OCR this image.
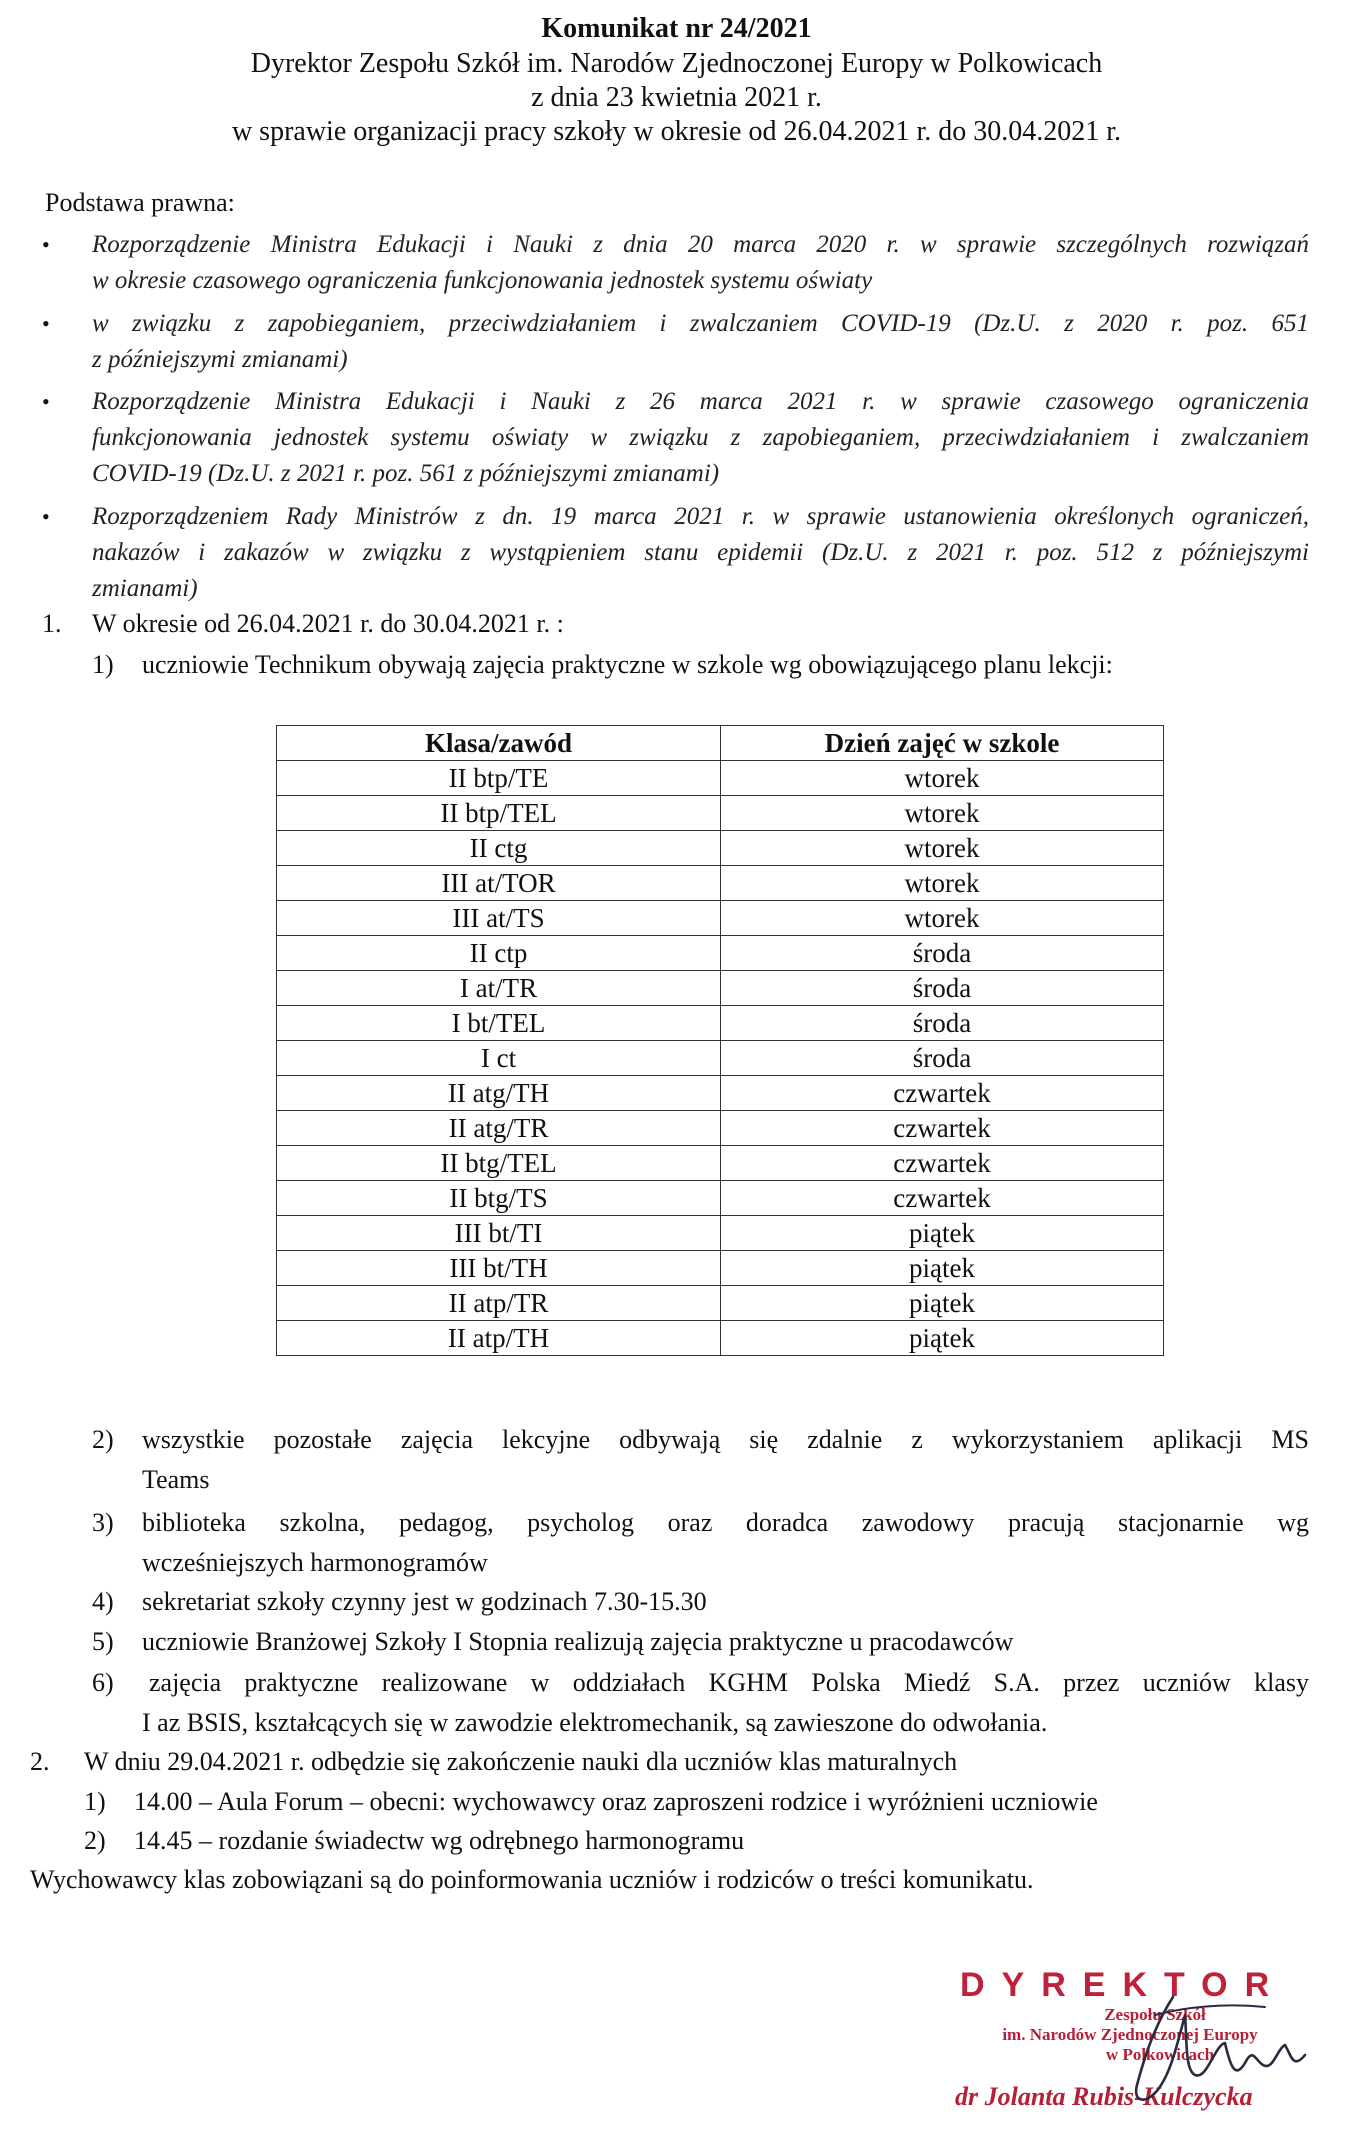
Komunikat nr 24/2021
Dyrektor Zespołu Szkół im. Narodów Zjednoczonej Europy w Polkowicach
z dnia 23 kwietnia 2021 r.
w sprawie organizacji pracy szkoły w okresie od 26.04.2021 r. do 30.04.2021 r.
Podstawa prawna:
• Rozporządzenie Ministra Edukacji i Nauki z dnia 20 marca 2020 r. w sprawie szczególnych rozwiązań
w okresie czasowego ograniczenia funkcjonowania jednostek systemu oświaty
• w związku z zapobieganiem, przeciwdziałaniem i zwalczaniem COVID-19 (Dz.U. z 2020 r. poz. 651
z późniejszymi zmianami)
• Rozporządzenie Ministra Edukacji i Nauki z 26 marca 2021 r. w sprawie czasowego ograniczenia
funkcjonowania jednostek systemu oświaty w związku z zapobieganiem, przeciwdziałaniem i zwalczaniem
COVID-19 (Dz.U. z 2021 r. poz. 561 z późniejszymi zmianami)
• Rozporządzeniem Rady Ministrów z dn. 19 marca 2021 r. w sprawie ustanowienia określonych ograniczeń,
nakazów i zakazów w związku z wystąpieniem stanu epidemii (Dz.U. z 2021 r. poz. 512 z późniejszymi
zmianami)
1. W okresie od 26.04.2021 r. do 30.04.2021 r. :
1) uczniowie Technikum obywają zajęcia praktyczne w szkole wg obowiązującego planu lekcji:
Klasa/zawód	Dzień zajęć w szkole
II btp/TE	wtorek
II btp/TEL	wtorek
II ctg	wtorek
III at/TOR	wtorek
III at/TS	wtorek
II ctp	środa
I at/TR	środa
I bt/TEL	środa
I ct	środa
II atg/TH	czwartek
II atg/TR	czwartek
II btg/TEL	czwartek
II btg/TS	czwartek
III bt/TI	piątek
III bt/TH	piątek
II atp/TR	piątek
II atp/TH	piątek
2) wszystkie pozostałe zajęcia lekcyjne odbywają się zdalnie z wykorzystaniem aplikacji MS
Teams
3) biblioteka szkolna, pedagog, psycholog oraz doradca zawodowy pracują stacjonarnie wg
wcześniejszych harmonogramów
4) sekretariat szkoły czynny jest w godzinach 7.30-15.30
5) uczniowie Branżowej Szkoły I Stopnia realizują zajęcia praktyczne u pracodawców
6) zajęcia praktyczne realizowane w oddziałach KGHM Polska Miedź S.A. przez uczniów klasy
I az BSIS, kształcących się w zawodzie elektromechanik, są zawieszone do odwołania.
2. W dniu 29.04.2021 r. odbędzie się zakończenie nauki dla uczniów klas maturalnych
1) 14.00 – Aula Forum – obecni: wychowawcy oraz zaproszeni rodzice i wyróżnieni uczniowie
2) 14.45 – rozdanie świadectw wg odrębnego harmonogramu
Wychowawcy klas zobowiązani są do poinformowania uczniów i rodziców o treści komunikatu.
DYREKTOR
Zespołu Szkół
im. Narodów Zjednoczonej Europy
w Polkowicach
dr Jolanta Rubis-Kulczycka
